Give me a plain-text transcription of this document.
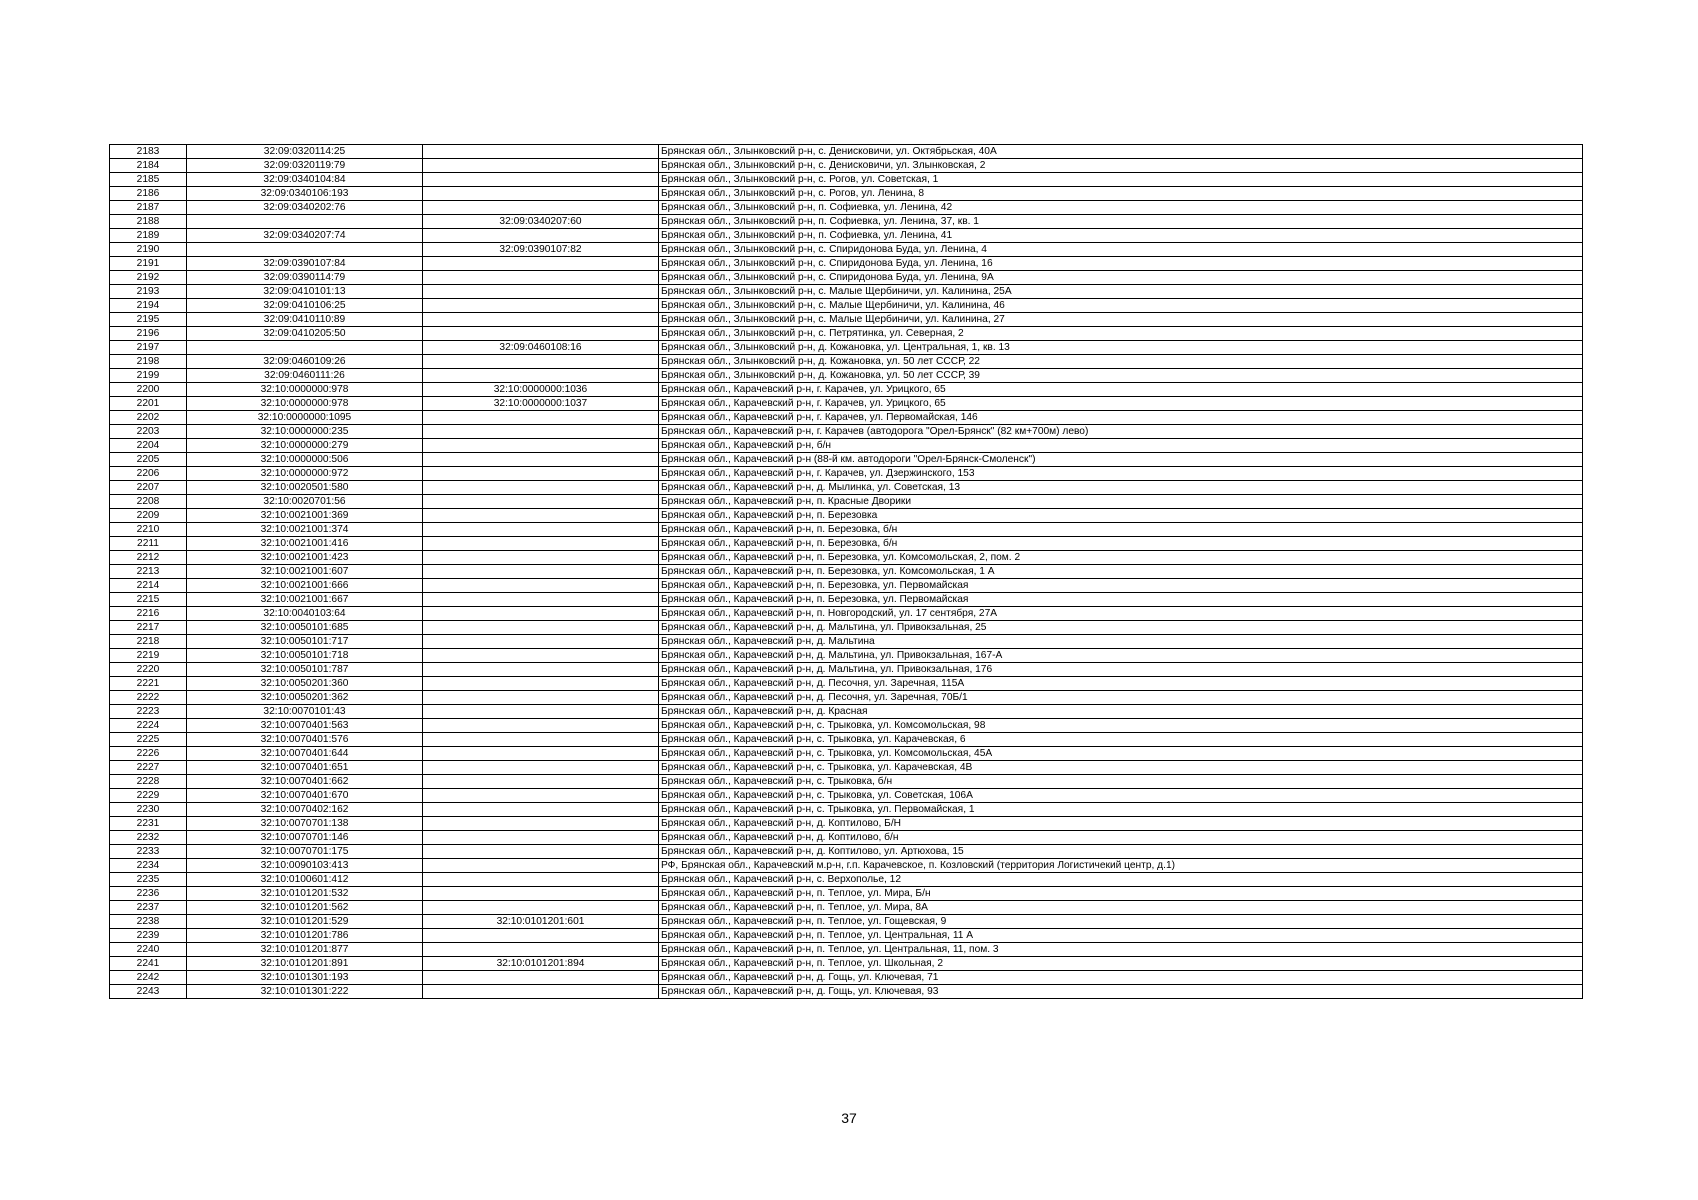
2183	32:09:0320114:25		Брянская обл., Злынковский р-н, с. Денисковичи, ул. Октябрьская, 40А
2184	32:09:0320119:79		Брянская обл., Злынковский р-н, с. Денисковичи, ул. Злынковская, 2
2185	32:09:0340104:84		Брянская обл., Злынковский р-н, с. Рогов, ул. Советская, 1
2186	32:09:0340106:193		Брянская обл., Злынковский р-н, с. Рогов, ул. Ленина, 8
2187	32:09:0340202:76		Брянская обл., Злынковский р-н, п. Софиевка, ул. Ленина, 42
2188		32:09:0340207:60	Брянская обл., Злынковский р-н, п. Софиевка, ул. Ленина, 37, кв. 1
2189	32:09:0340207:74		Брянская обл., Злынковский р-н, п. Софиевка, ул. Ленина, 41
2190		32:09:0390107:82	Брянская обл., Злынковский р-н, с. Спиридонова Буда, ул. Ленина, 4
2191	32:09:0390107:84		Брянская обл., Злынковский р-н, с. Спиридонова Буда, ул. Ленина, 16
2192	32:09:0390114:79		Брянская обл., Злынковский р-н, с. Спиридонова Буда, ул. Ленина, 9А
2193	32:09:0410101:13		Брянская обл., Злынковский р-н, с. Малые Щербиничи, ул. Калинина, 25А
2194	32:09:0410106:25		Брянская обл., Злынковский р-н, с. Малые Щербиничи, ул. Калинина, 46
2195	32:09:0410110:89		Брянская обл., Злынковский р-н, с. Малые Щербиничи, ул. Калинина, 27
2196	32:09:0410205:50		Брянская обл., Злынковский р-н, с. Петрятинка, ул. Северная, 2
2197		32:09:0460108:16	Брянская обл., Злынковский р-н, д. Кожановка, ул. Центральная, 1, кв. 13
2198	32:09:0460109:26		Брянская обл., Злынковский р-н, д. Кожановка, ул. 50 лет СССР, 22
2199	32:09:0460111:26		Брянская обл., Злынковский р-н, д. Кожановка, ул. 50 лет СССР, 39
2200	32:10:0000000:978	32:10:0000000:1036	Брянская обл., Карачевский р-н, г. Карачев, ул. Урицкого, 65
2201	32:10:0000000:978	32:10:0000000:1037	Брянская обл., Карачевский р-н, г. Карачев, ул. Урицкого, 65
2202	32:10:0000000:1095		Брянская обл., Карачевский р-н, г. Карачев, ул. Первомайская, 146
2203	32:10:0000000:235		Брянская обл., Карачевский р-н, г. Карачев (автодорога "Орел-Брянск" (82 км+700м) лево)
2204	32:10:0000000:279		Брянская обл., Карачевский р-н, б/н
2205	32:10:0000000:506		Брянская обл., Карачевский р-н (88-й км. автодороги "Орел-Брянск-Смоленск")
2206	32:10:0000000:972		Брянская обл., Карачевский р-н, г. Карачев, ул. Дзержинского, 153
2207	32:10:0020501:580		Брянская обл., Карачевский р-н, д. Мылинка, ул. Советская, 13
2208	32:10:0020701:56		Брянская обл., Карачевский р-н, п. Красные Дворики
2209	32:10:0021001:369		Брянская обл., Карачевский р-н, п. Березовка
2210	32:10:0021001:374		Брянская обл., Карачевский р-н, п. Березовка, б/н
2211	32:10:0021001:416		Брянская обл., Карачевский р-н, п. Березовка, б/н
2212	32:10:0021001:423		Брянская обл., Карачевский р-н, п. Березовка, ул. Комсомольская, 2, пом. 2
2213	32:10:0021001:607		Брянская обл., Карачевский р-н, п. Березовка, ул. Комсомольская, 1 А
2214	32:10:0021001:666		Брянская обл., Карачевский р-н, п. Березовка, ул. Первомайская
2215	32:10:0021001:667		Брянская обл., Карачевский р-н, п. Березовка, ул. Первомайская
2216	32:10:0040103:64		Брянская обл., Карачевский р-н, п. Новгородский, ул. 17 сентября, 27А
2217	32:10:0050101:685		Брянская обл., Карачевский р-н, д. Мальтина, ул. Привокзальная, 25
2218	32:10:0050101:717		Брянская обл., Карачевский р-н, д. Мальтина
2219	32:10:0050101:718		Брянская обл., Карачевский р-н, д. Мальтина, ул. Привокзальная, 167-А
2220	32:10:0050101:787		Брянская обл., Карачевский р-н, д. Мальтина, ул. Привокзальная, 176
2221	32:10:0050201:360		Брянская обл., Карачевский р-н, д. Песочня, ул. Заречная, 115А
2222	32:10:0050201:362		Брянская обл., Карачевский р-н, д. Песочня, ул. Заречная, 70Б/1
2223	32:10:0070101:43		Брянская обл., Карачевский р-н, д. Красная
2224	32:10:0070401:563		Брянская обл., Карачевский р-н, с. Трыковка, ул. Комсомольская, 98
2225	32:10:0070401:576		Брянская обл., Карачевский р-н, с. Трыковка, ул. Карачевская, 6
2226	32:10:0070401:644		Брянская обл., Карачевский р-н, с. Трыковка, ул. Комсомольская, 45А
2227	32:10:0070401:651		Брянская обл., Карачевский р-н, с. Трыковка, ул. Карачевская, 4В
2228	32:10:0070401:662		Брянская обл., Карачевский р-н, с. Трыковка, б/н
2229	32:10:0070401:670		Брянская обл., Карачевский р-н, с. Трыковка, ул. Советская, 106А
2230	32:10:0070402:162		Брянская обл., Карачевский р-н, с. Трыковка, ул. Первомайская, 1
2231	32:10:0070701:138		Брянская обл., Карачевский р-н, д. Коптилово, Б/Н
2232	32:10:0070701:146		Брянская обл., Карачевский р-н, д. Коптилово, б/н
2233	32:10:0070701:175		Брянская обл., Карачевский р-н, д. Коптилово, ул. Артюхова, 15
2234	32:10:0090103:413		РФ, Брянская обл., Карачевский м.р-н, г.п. Карачевское, п. Козловский (территория Логистичекий центр, д.1)
2235	32:10:0100601:412		Брянская обл., Карачевский р-н, с. Верхополье, 12
2236	32:10:0101201:532		Брянская обл., Карачевский р-н, п. Теплое, ул. Мира, Б/н
2237	32:10:0101201:562		Брянская обл., Карачевский р-н, п. Теплое, ул. Мира, 8А
2238	32:10:0101201:529	32:10:0101201:601	Брянская обл., Карачевский р-н, п. Теплое, ул. Гощевская, 9
2239	32:10:0101201:786		Брянская обл., Карачевский р-н, п. Теплое, ул. Центральная, 11 А
2240	32:10:0101201:877		Брянская обл., Карачевский р-н, п. Теплое, ул. Центральная, 11, пом. 3
2241	32:10:0101201:891	32:10:0101201:894	Брянская обл., Карачевский р-н, п. Теплое, ул. Школьная, 2
2242	32:10:0101301:193		Брянская обл., Карачевский р-н, д. Гощь, ул. Ключевая, 71
2243	32:10:0101301:222		Брянская обл., Карачевский р-н, д. Гощь, ул. Ключевая, 93
37
